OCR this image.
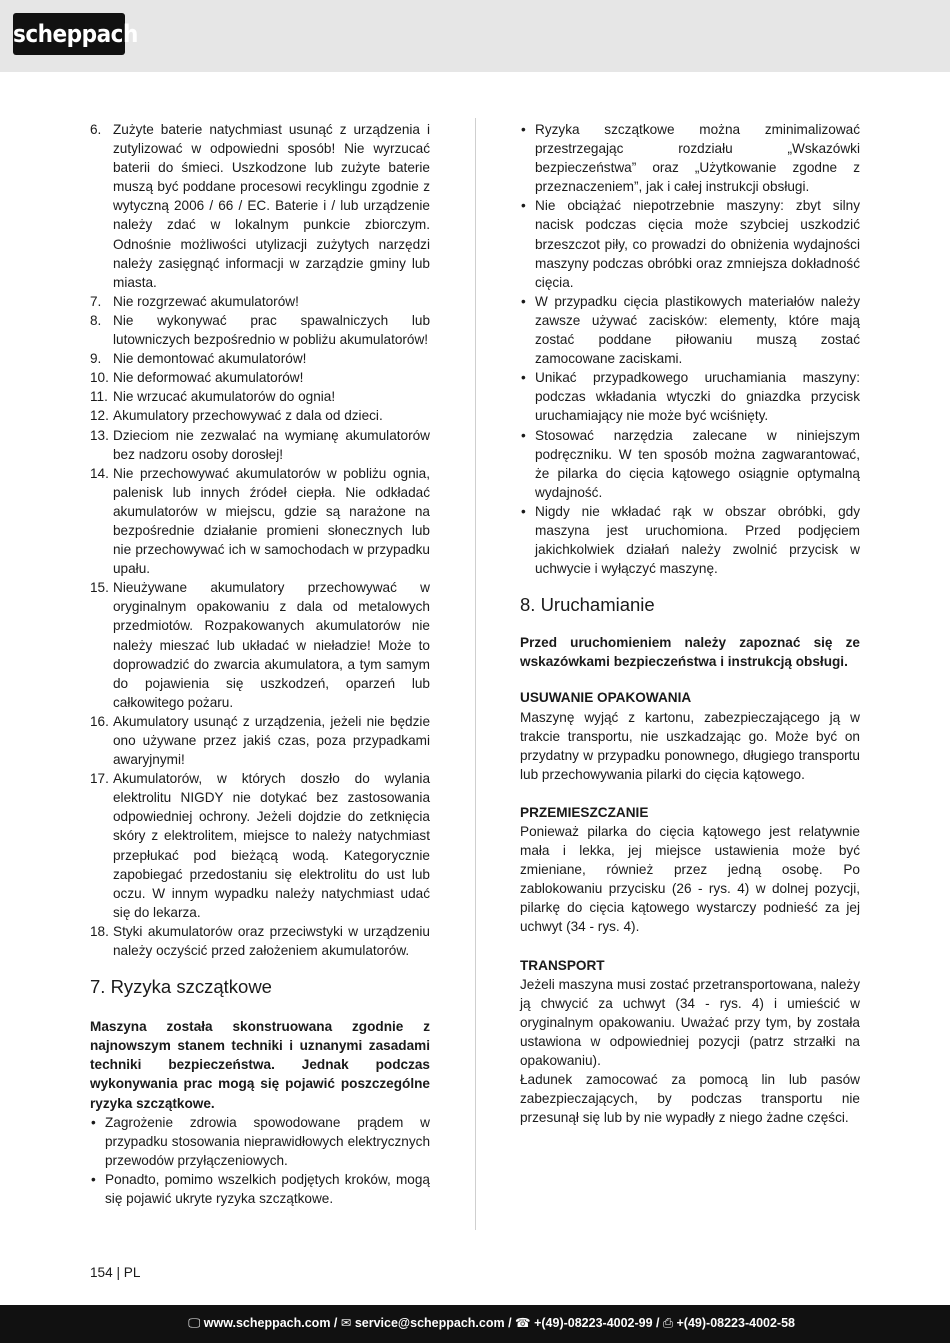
scheppach
6. Zużyte baterie natychmiast usunąć z urządzenia i zutylizować w odpowiedni sposób! Nie wyrzucać baterii do śmieci. Uszkodzone lub zużyte baterie muszą być poddane procesowi recyklingu zgodnie z wytyczną 2006 / 66 / EC. Baterie i / lub urządzenie należy zdać w lokalnym punkcie zbiorczym. Odnośnie możliwości utylizacji zużytych narzędzi należy zasięgnąć informacji w zarządzie gminy lub miasta.
7. Nie rozgrzewać akumulatorów!
8. Nie wykonywać prac spawalniczych lub lutowniczych bezpośrednio w pobliżu akumulatorów!
9. Nie demontować akumulatorów!
10. Nie deformować akumulatorów!
11. Nie wrzucać akumulatorów do ognia!
12. Akumulatory przechowywać z dala od dzieci.
13. Dzieciom nie zezwalać na wymianę akumulatorów bez nadzoru osoby dorosłej!
14. Nie przechowywać akumulatorów w pobliżu ognia, palenisk lub innych źródeł ciepła. Nie odkładać akumulatorów w miejscu, gdzie są narażone na bezpośrednie działanie promieni słonecznych lub nie przechowywać ich w samochodach w przypadku upału.
15. Nieużywane akumulatory przechowywać w oryginalnym opakowaniu z dala od metalowych przedmiotów. Rozpakowanych akumulatorów nie należy mieszać lub układać w nieładzie! Może to doprowadzić do zwarcia akumulatora, a tym samym do pojawienia się uszkodzeń, oparzeń lub całkowitego pożaru.
16. Akumulatory usunąć z urządzenia, jeżeli nie będzie ono używane przez jakiś czas, poza przypadkami awaryjnymi!
17. Akumulatorów, w których doszło do wylania elektrolitu NIGDY nie dotykać bez zastosowania odpowiedniej ochrony. Jeżeli dojdzie do zetknięcia skóry z elektrolitem, miejsce to należy natychmiast przepłukać pod bieżącą wodą. Kategorycznie zapobiegać przedostaniu się elektrolitu do ust lub oczu. W innym wypadku należy natychmiast udać się do lekarza.
18. Styki akumulatorów oraz przeciwstyki w urządzeniu należy oczyścić przed założeniem akumulatorów.
7. Ryzyka szczątkowe

Maszyna została skonstruowana zgodnie z najnowszym stanem techniki i uznanymi zasadami techniki bezpieczeństwa. Jednak podczas wykonywania prac mogą się pojawić poszczególne ryzyka szczątkowe.

• Zagrożenie zdrowia spowodowane prądem w przypadku stosowania nieprawidłowych elektrycznych przewodów przyłączeniowych.
• Ponadto, pomimo wszelkich podjętych kroków, mogą się pojawić ukryte ryzyka szczątkowe.
• Ryzyka szczątkowe można zminimalizować przestrzegając rozdziału „Wskazówki bezpieczeństwa” oraz „Użytkowanie zgodne z przeznaczeniem”, jak i całej instrukcji obsługi.
• Nie obciążać niepotrzebnie maszyny: zbyt silny nacisk podczas cięcia może szybciej uszkodzić brzeszczot piły, co prowadzi do obniżenia wydajności maszyny podczas obróbki oraz zmniejsza dokładność cięcia.
• W przypadku cięcia plastikowych materiałów należy zawsze używać zacisków: elementy, które mają zostać poddane piłowaniu muszą zostać zamocowane zaciskami.
• Unikać przypadkowego uruchamiania maszyny: podczas wkładania wtyczki do gniazdka przycisk uruchamiający nie może być wciśnięty.
• Stosować narzędzia zalecane w niniejszym podręczniku. W ten sposób można zagwarantować, że pilarka do cięcia kątowego osiągnie optymalną wydajność.
• Nigdy nie wkładać rąk w obszar obróbki, gdy maszyna jest uruchomiona. Przed podjęciem jakichkolwiek działań należy zwolnić przycisk w uchwycie i wyłączyć maszynę.
8. Uruchamianie

Przed uruchomieniem należy zapoznać się ze wskazówkami bezpieczeństwa i instrukcją obsługi.

USUWANIE OPAKOWANIA

Maszynę wyjąć z kartonu, zabezpieczającego ją w trakcie transportu, nie uszkadzając go. Może być on przydatny w przypadku ponownego, długiego transportu lub przechowywania pilarki do cięcia kątowego.

PRZEMIESZCZANIE

Ponieważ pilarka do cięcia kątowego jest relatywnie mała i lekka, jej miejsce ustawienia może być zmieniane, również przez jedną osobę. Po zablokowaniu przycisku (26 - rys. 4) w dolnej pozycji, pilarkę do cięcia kątowego wystarczy podnieść za jej uchwyt (34 - rys. 4).

TRANSPORT

Jeżeli maszyna musi zostać przetransportowana, należy ją chwycić za uchwyt (34 - rys. 4) i umieścić w oryginalnym opakowaniu. Uważać przy tym, by została ustawiona w odpowiedniej pozycji (patrz strzałki na opakowaniu).

Ładunek zamocować za pomocą lin lub pasów zabezpieczających, by podczas transportu nie przesunął się lub by nie wypadły z niego żadne części.

154 | PL
🖵 www.scheppach.com / ✉ service@scheppach.com / ☎ +(49)-08223-4002-99 / ⎙ +(49)-08223-4002-58
